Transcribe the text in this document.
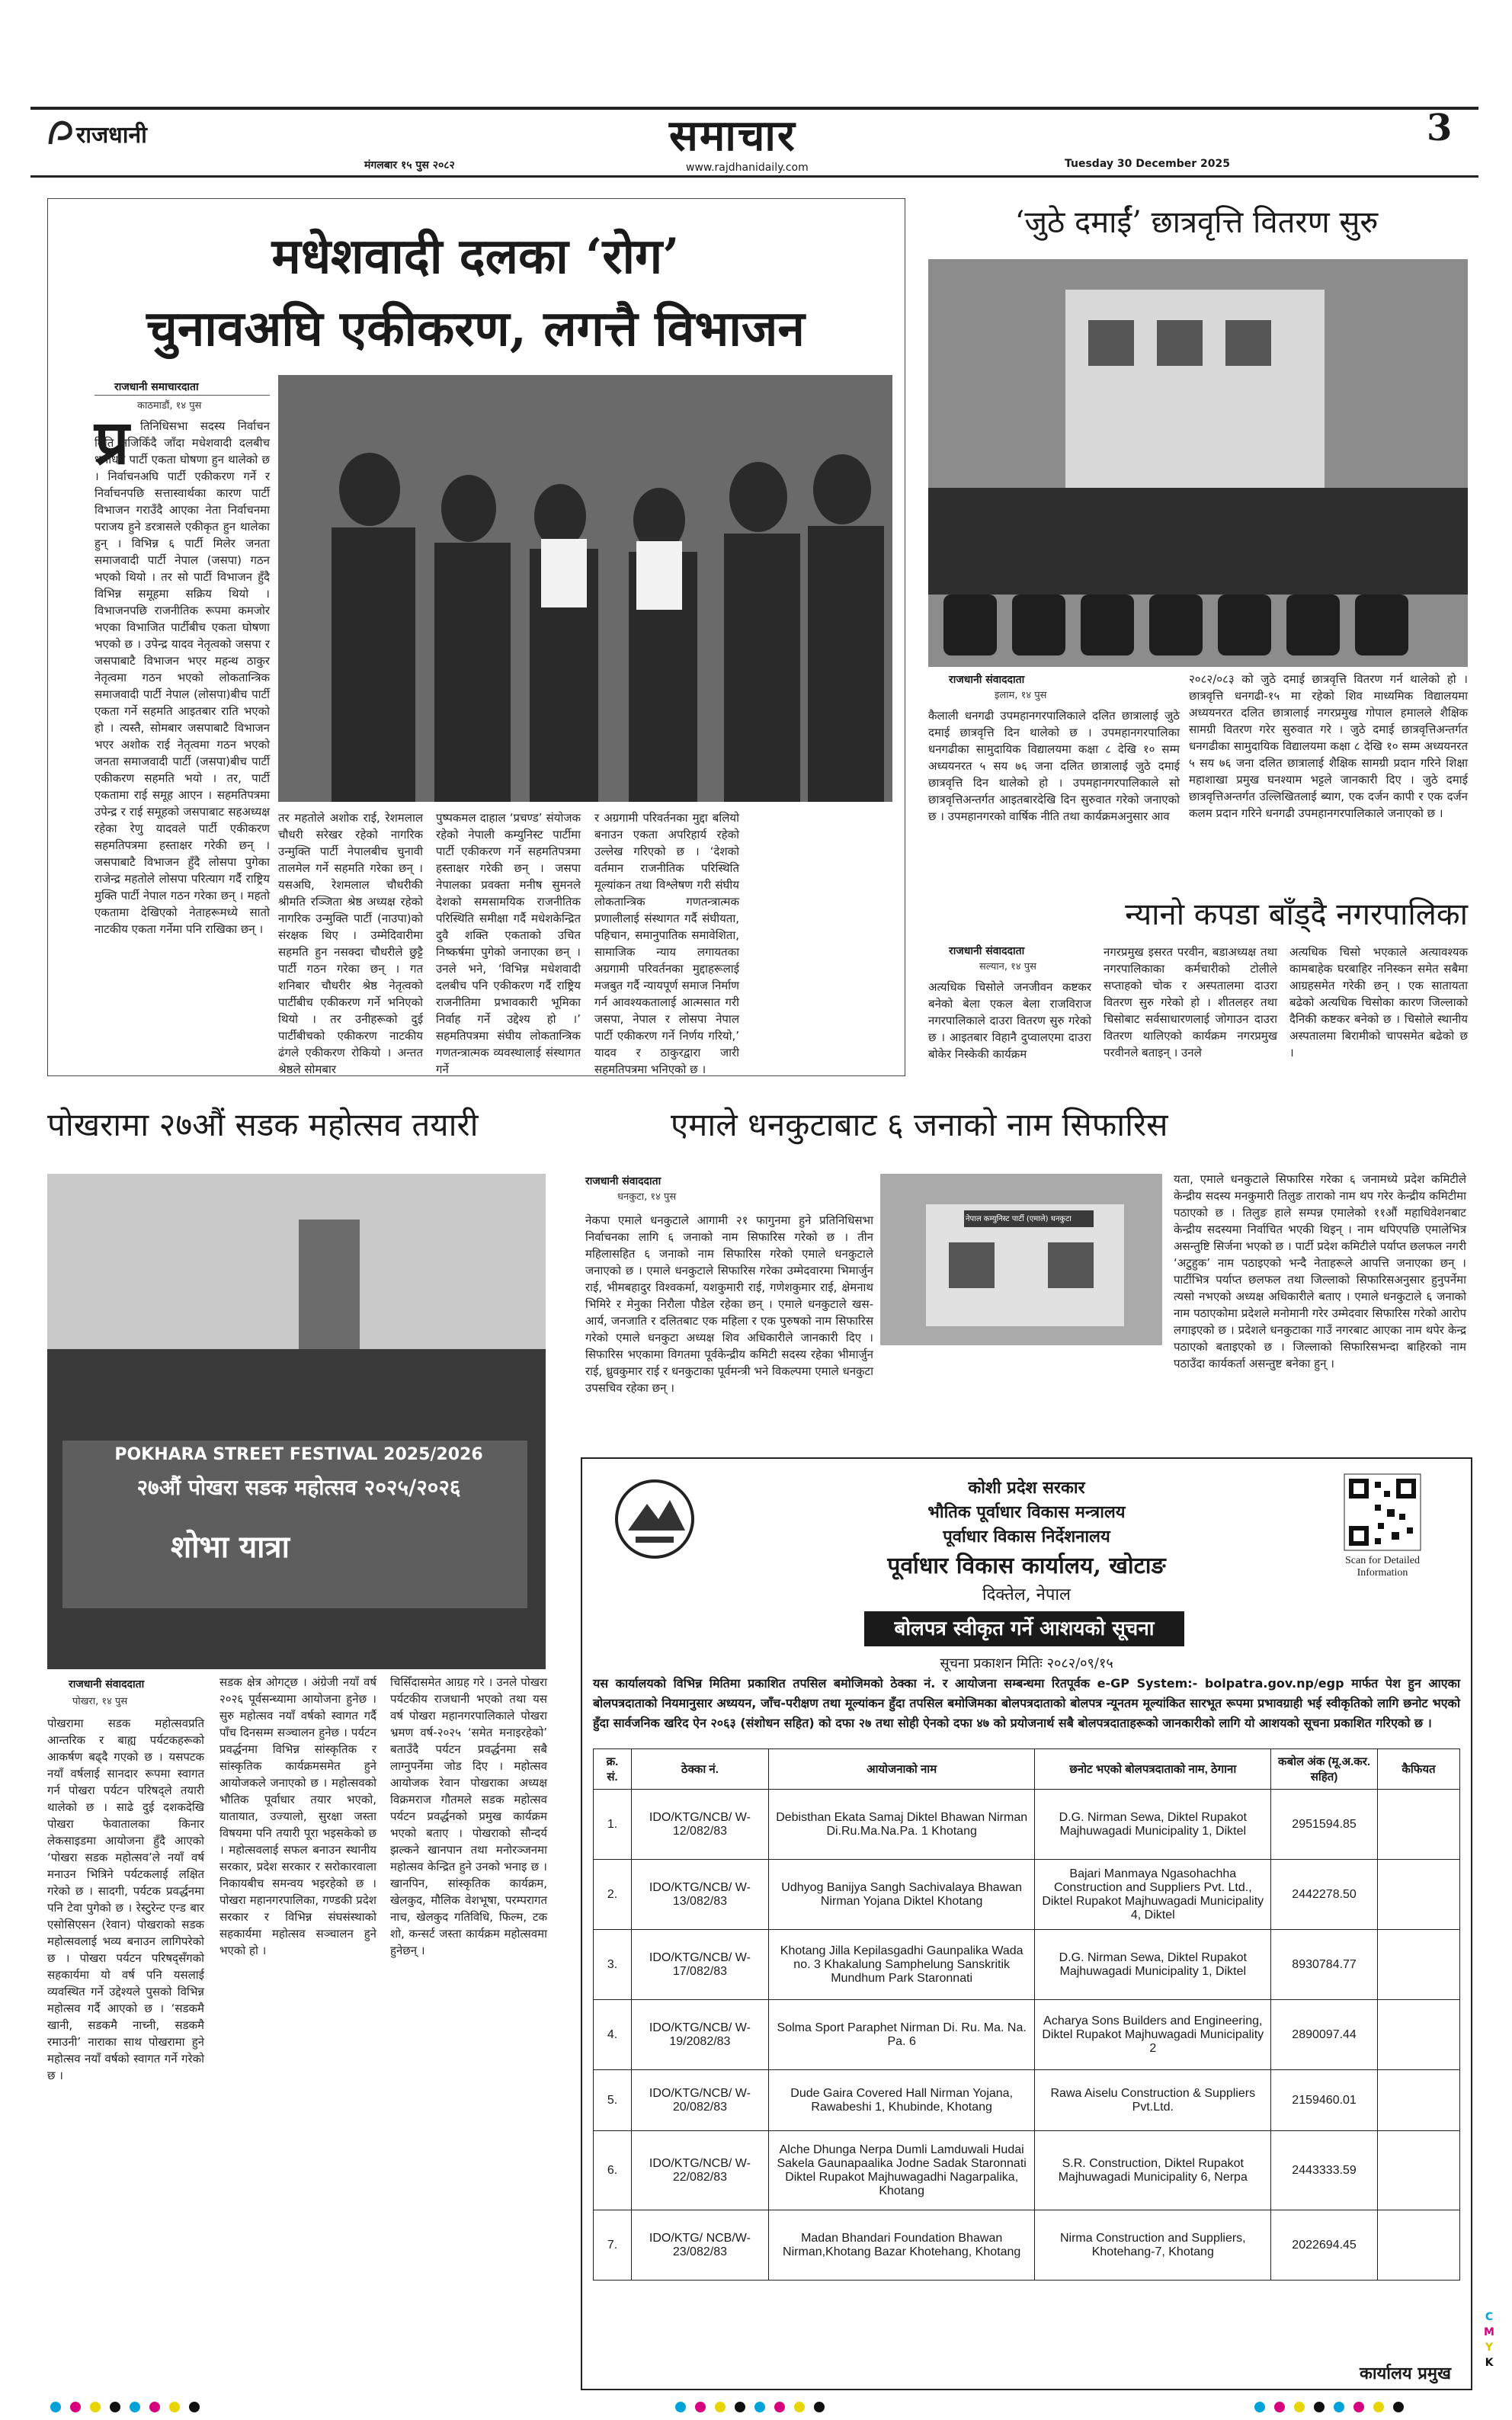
राजधानी
मंगलबार १५ पुस २०८२
समाचार
www.rajdhanidaily.com	Tuesday 30 December 2025
3
मधेशवादी दलका ‘रोग’
चुनावअघि एकीकरण, लगत्तै विभाजन
राजधानी समाचारदाता
काठमाडौं, १४ पुस
प्र तिनिधिसभा सदस्य निर्वाचन मिति नजिकिँदै जाँदा मधेशवादी दलबीच धमाधम पार्टी एकता घोषणा हुन थालेको छ । निर्वाचनअघि पार्टी एकीकरण गर्ने र निर्वाचनपछि सत्तास्वार्थका कारण पार्टी विभाजन गराउँदै आएका नेता निर्वाचनमा पराजय हुने डरत्रासले एकीकृत हुन थालेका हुन् । विभिन्न ६ पार्टी मिलेर जनता समाजवादी पार्टी नेपाल (जसपा) गठन भएको थियो । तर सो पार्टी विभाजन हुँदै विभिन्न समूहमा सक्रिय थियो । विभाजनपछि राजनीतिक रूपमा कमजोर भएका विभाजित पार्टीबीच एकता घोषणा भएको छ । उपेन्द्र यादव नेतृत्वको जसपा र जसपाबाटै विभाजन भएर महन्थ ठाकुर नेतृत्वमा गठन भएको लोकतान्त्रिक समाजवादी पार्टी नेपाल (लोसपा)बीच पार्टी एकता गर्ने सहमति आइतबार राति भएको हो । त्यस्तै, सोमबार जसपाबाटै विभाजन भएर अशोक राई नेतृत्वमा गठन भएको जनता समाजवादी पार्टी (जसपा)बीच पार्टी एकीकरण सहमति भयो । तर, पार्टी एकतामा राई समूह आएन । सहमतिपत्रमा उपेन्द्र र राई समूहको जसपाबाट सहअध्यक्ष रहेका रेणु यादवले पार्टी एकीकरण सहमतिपत्रमा हस्ताक्षर गरेकी छन् । जसपाबाटै विभाजन हुँदै लोसपा पुगेका राजेन्द्र महतोले लोसपा परित्याग गर्दै राष्ट्रिय मुक्ति पार्टी नेपाल गठन गरेका छन् । महतो एकतामा देखिएको नेताहरूमध्ये सातो नाटकीय एकता गर्नेमा पनि राखिका छन् ।
तर महतोले अशोक राई, रेशमलाल चौधरी सरेखर रहेको नागरिक उन्मुक्ति पार्टी नेपालबीच चुनावी तालमेल गर्ने सहमति गरेका छन् । यसअघि, रेशमलाल चौधरीकी श्रीमति रञ्जिता श्रेष्ठ अध्यक्ष रहेको नागरिक उन्मुक्ति पार्टी (नाउपा)को संरक्षक थिए । उम्मेदिवारीमा सहमति हुन नसक्दा चौधरीले छुट्टै पार्टी गठन गरेका छन् । गत शनिबार चौधरीर श्रेष्ठ नेतृत्वको पार्टीबीच एकीकरण गर्ने भनिएको थियो । तर उनीहरूको दुई पार्टीबीचको एकीकरण नाटकीय ढंगले एकीकरण रोकियो । अन्तत श्रेष्ठले सोमबार
पुष्पकमल दाहाल ‘प्रचण्ड’ संयोजक रहेको नेपाली कम्युनिस्ट पार्टीमा पार्टी एकीकरण गर्ने सहमतिपत्रमा हस्ताक्षर गरेकी छन् । जसपा नेपालका प्रवक्ता मनीष सुमनले देशको समसामयिक राजनीतिक परिस्थिति समीक्षा गर्दै मधेशकेन्द्रित दुवै शक्ति एकताको उचित निष्कर्षमा पुगेको जनाएका छन् । उनले भने, ‘विभिन्न मधेशवादी दलबीच पनि एकीकरण गर्दै राष्ट्रिय राजनीतिमा प्रभावकारी भूमिका निर्वाह गर्ने उद्देश्य हो ।’ सहमतिपत्रमा संघीय लोकतान्त्रिक गणतन्त्रात्मक व्यवस्थालाई संस्थागत गर्ने
र अग्रगामी परिवर्तनका मुद्दा बलियो बनाउन एकता अपरिहार्य रहेको उल्लेख गरिएको छ । ‘देशको वर्तमान राजनीतिक परिस्थिति मूल्यांकन तथा विश्लेषण गरी संघीय लोकतान्त्रिक गणतन्त्रात्मक प्रणालीलाई संस्थागत गर्दै संघीयता, पहिचान, समानुपातिक समावेशिता, सामाजिक न्याय लगायतका अग्रगामी परिवर्तनका मुद्दाहरूलाई मजबुत गर्दै न्यायपूर्ण समाज निर्माण गर्न आवश्यकतालाई आत्मसात गरी जसपा, नेपाल र लोसपा नेपाल पार्टी एकीकरण गर्ने निर्णय गरियो,’ यादव र ठाकुरद्वारा जारी सहमतिपत्रमा भनिएको छ ।
‘जुठे दमाईं’ छात्रवृत्ति वितरण सुरु
राजधानी संवाददाता
इलाम, १४ पुस
कैलाली धनगढी उपमहानगरपालिकाले दलित छात्रालाई जुठे दमाई छात्रवृत्ति दिन थालेको छ । उपमहानगरपालिका धनगढीका सामुदायिक विद्यालयमा कक्षा ८ देखि १० सम्म अध्ययनरत ५ सय ७६ जना दलित छात्रालाई जुठे दमाई छात्रवृत्ति दिन थालेको हो । उपमहानगरपालिकाले सो छात्रवृत्तिअन्तर्गत आइतबारदेखि दिन सुरुवात गरेको जनाएको छ । उपमहानगरको वार्षिक नीति तथा कार्यक्रमअनुसार आव
२०८२/०८३ को जुठे दमाई छात्रवृत्ति वितरण गर्न थालेको हो । छात्रवृत्ति धनगढी-१५ मा रहेको शिव माध्यमिक विद्यालयमा अध्ययनरत दलित छात्रालाई नगरप्रमुख गोपाल हमालले शैक्षिक सामग्री वितरण गरेर सुरुवात गरे । जुठे दमाई छात्रवृत्तिअन्तर्गत धनगढीका सामुदायिक विद्यालयमा कक्षा ८ देखि १० सम्म अध्ययनरत ५ सय ७६ जना दलित छात्रालाई शैक्षिक सामग्री प्रदान गरिने शिक्षा महाशाखा प्रमुख घनश्याम भट्टले जानकारी दिए । जुठे दमाई छात्रवृत्तिअन्तर्गत उल्लिखितलाई ब्याग, एक दर्जन कापी र एक दर्जन कलम प्रदान गरिने धनगढी उपमहानगरपालिकाले जनाएको छ ।
न्यानो कपडा बाँड्दै नगरपालिका
राजधानी संवाददाता
सल्यान, १४ पुस
अत्यधिक चिसोले जनजीवन कष्टकर बनेको बेला एकल बेला राजविराज नगरपालिकाले दाउरा वितरण सुरु गरेको छ । आइतबार विहानै दुप्वालएमा दाउरा बोकेर निस्केकी कार्यक्रम
नगरप्रमुख इसरत परवीन, बडाअध्यक्ष तथा नगरपालिकाका कर्मचारीको टोलीले सप्ताहको चोक र अस्पतालमा दाउरा वितरण सुरु गरेको हो । शीतलहर तथा चिसोबाट सर्वसाधारणलाई जोगाउन दाउरा वितरण थालिएको कार्यक्रम नगरप्रमुख परवीनले बताइन् । उनले
अत्यधिक चिसो भएकाले अत्यावश्यक कामबाहेक घरबाहिर ननिस्कन समेत सबैमा आग्रहसमेत गरेकी छन् । एक सातायता बढेको अत्यधिक चिसोका कारण जिल्लाको दैनिकी कष्टकर बनेको छ । चिसोले स्थानीय अस्पतालमा बिरामीको चापसमेत बढेको छ ।
पोखरामा २७औं सडक महोत्सव तयारी
POKHARA STREET FESTIVAL 2025/2026
२७औं पोखरा सडक महोत्सव २०२५/२०२६
शोभा यात्रा
राजधानी संवाददाता
पोखरा, १४ पुस
पोखरामा सडक महोत्सवप्रति आन्तरिक र बाह्य पर्यटकहरूको आकर्षण बढ्दै गएको छ । यसपटक नयाँ वर्षलाई सानदार रूपमा स्वागत गर्न पोखरा पर्यटन परिषद्ले तयारी थालेको छ । साढे दुई दशकदेखि पोखरा फेवातालका किनार लेकसाइडमा आयोजना हुँदै आएको ‘पोखरा सडक महोत्सव’ले नयाँ वर्ष मनाउन भित्रिने पर्यटकलाई लक्षित गरेको छ । सादगी, पर्यटक प्रवर्द्धनमा पनि टेवा पुगेको छ । रेस्टुरेन्ट एन्ड बार एसोसिएसन (रेवान) पोखराको सडक महोत्सवलाई भव्य बनाउन लागिपरेको छ । पोखरा पर्यटन परिषद्सँगको सहकार्यमा यो वर्ष पनि यसलाई व्यवस्थित गर्ने उद्देश्यले पुसको विभिन्न महोत्सव गर्दै आएको छ । ‘सडकमै खानी, सडकमै नाच्नी, सडकमै रमाउनी’ नाराका साथ पोखरामा हुने महोत्सव नयाँ वर्षको स्वागत गर्ने गरेको छ ।
सडक क्षेत्र ओगट्छ । अंग्रेजी नयाँ वर्ष २०२६ पूर्वसन्ध्यामा आयोजना हुनेछ । सुरु महोत्सव नयाँ वर्षको स्वागत गर्दै पाँच दिनसम्म सञ्चालन हुनेछ । पर्यटन प्रवर्द्धनमा विभिन्न सांस्कृतिक र सांस्कृतिक कार्यक्रमसमेत हुने आयोजकले जनाएको छ । महोत्सवको भौतिक पूर्वाधार तयार भएको, यातायात, उज्यालो, सुरक्षा जस्ता विषयमा पनि तयारी पूरा भइसकेको छ । महोत्सवलाई सफल बनाउन स्थानीय सरकार, प्रदेश सरकार र सरोकारवाला निकायबीच समन्वय भइरहेको छ । पोखरा महानगरपालिका, गण्डकी प्रदेश सरकार र विभिन्न संघसंस्थाको सहकार्यमा महोत्सव सञ्चालन हुने भएको हो ।
चिसिँदासमेत आग्रह गरे । उनले पोखरा पर्यटकीय राजधानी भएको तथा यस वर्ष पोखरा महानगरपालिकाले पोखरा भ्रमण वर्ष-२०२५ ‘समेत मनाइरहेको’ बताउँदै पर्यटन प्रवर्द्धनमा सबै लाग्नुपर्नेमा जोड दिए । महोत्सव आयोजक रेवान पोखराका अध्यक्ष विक्रमराज गौतमले सडक महोत्सव पर्यटन प्रवर्द्धनको प्रमुख कार्यक्रम भएको बताए । पोखराको सौन्दर्य झल्कने खानपान तथा मनोरञ्जनमा महोत्सव केन्द्रित हुने उनको भनाइ छ । खानपिन, सांस्कृतिक कार्यक्रम, खेलकुद, मौलिक वेशभूषा, परम्परागत नाच, खेलकुद गतिविधि, फिल्म, टक शो, कन्सर्ट जस्ता कार्यक्रम महोत्सवमा हुनेछन् ।
एमाले धनकुटाबाट ६ जनाको नाम सिफारिस
राजधानी संवाददाता
धनकुटा, १४ पुस
नेपाल कम्युनिस्ट पार्टी (एमाले) धनकुटा
नेकपा एमाले धनकुटाले आगामी २१ फागुनमा हुने प्रतिनिधिसभा निर्वाचनका लागि ६ जनाको नाम सिफारिस गरेको छ । तीन महिलासहित ६ जनाको नाम सिफारिस गरेको एमाले धनकुटाले जनाएको छ । एमाले धनकुटाले सिफारिस गरेका उम्मेदवारमा भिमार्जुन राई, भीमबहादुर विश्वकर्मा, यशकुमारी राई, गणेशकुमार राई, क्षेमनाथ भिमिरे र मेनुका निरौला पौडेल रहेका छन् । एमाले धनकुटाले खस-आर्य, जनजाति र दलितबाट एक महिला र एक पुरुषको नाम सिफारिस गरेको एमाले धनकुटा अध्यक्ष शिव अधिकारीले जानकारी दिए । सिफारिस भएकामा विगतमा पूर्वकेन्द्रीय कमिटी सदस्य रहेका भीमार्जुन राई, ध्रुवकुमार राई र धनकुटाका पूर्वमन्त्री भने विकल्पमा एमाले धनकुटा उपसचिव रहेका छन् ।
यता, एमाले धनकुटाले सिफारिस गरेका ६ जनामध्ये प्रदेश कमिटीले केन्द्रीय सदस्य मनकुमारी तिलुङ ताराको नाम थप गरेर केन्द्रीय कमिटीमा पठाएको छ । तिलुङ हाले सम्पन्न एमालेको ११औं महाधिवेशनबाट केन्द्रीय सदस्यमा निर्वाचित भएकी थिइन् । नाम थपिएपछि एमालेभित्र असन्तुष्टि सिर्जना भएको छ । पार्टी प्रदेश कमिटीले पर्याप्त छलफल नगरी ‘अटुहुक’ नाम पठाइएको भन्दै नेताहरूले आपत्ति जनाएका छन् । पार्टीभित्र पर्याप्त छलफल तथा जिल्लाको सिफारिसअनुसार हुनुपर्नेमा त्यसो नभएको अध्यक्ष अधिकारीले बताए । एमाले धनकुटाले ६ जनाको नाम पठाएकोमा प्रदेशले मनोमानी गरेर उम्मेदवार सिफारिस गरेको आरोप लगाइएको छ । प्रदेशले धनकुटाका गाउँ नगरबाट आएका नाम थपेर केन्द्र पठाएको बताइएको छ । जिल्लाको सिफारिसभन्दा बाहिरको नाम पठाउँदा कार्यकर्ता असन्तुष्ट बनेका हुन् ।
कोशी प्रदेश सरकार
भौतिक पूर्वाधार विकास मन्त्रालय
पूर्वाधार विकास निर्देशनालय
पूर्वाधार विकास कार्यालय, खोटाङ
दिक्तेल, नेपाल
Scan for Detailed Information
बोलपत्र स्वीकृत गर्ने आशयको सूचना
सूचना प्रकाशन मितिः २०८२/०९/१५
यस कार्यालयको विभिन्न मितिमा प्रकाशित तपसिल बमोजिमको ठेक्का नं. र आयोजना सम्बन्धमा रितपूर्वक e-GP System:- bolpatra.gov.np/egp मार्फत पेश हुन आएका बोलपत्रदाताको नियमानुसार अध्ययन, जाँच-परीक्षण तथा मूल्यांकन हुँदा तपसिल बमोजिमका बोलपत्रदाताको बोलपत्र न्यूनतम मूल्यांकित सारभूत रूपमा प्रभावग्राही भई स्वीकृतिको लागि छनोट भएको हुँदा सार्वजनिक खरिद ऐन २०६३ (संशोधन सहित) को दफा २७ तथा सोही ऐनको दफा ४७ को प्रयोजनार्थ सबै बोलपत्रदाताहरूको जानकारीको लागि यो आशयको सूचना प्रकाशित गरिएको छ ।
क्र. सं.	ठेक्का नं.	आयोजनाको नाम	छनोट भएको बोलपत्रदाताको नाम, ठेगाना	कबोल अंक (मू.अ.कर. सहित)	कैफियत
1.	IDO/KTG/NCB/ W-12/082/83	Debisthan Ekata Samaj Diktel Bhawan Nirman Di.Ru.Ma.Na.Pa. 1 Khotang	D.G. Nirman Sewa, Diktel Rupakot Majhuwagadi Municipality 1, Diktel	2951594.85	
2.	IDO/KTG/NCB/ W-13/082/83	Udhyog Banijya Sangh Sachivalaya Bhawan Nirman Yojana Diktel Khotang	Bajari Manmaya Ngasohachha Construction and Suppliers Pvt. Ltd., Diktel Rupakot Majhuwagadi Municipality 4, Diktel	2442278.50	
3.	IDO/KTG/NCB/ W-17/082/83	Khotang Jilla Kepilasgadhi Gaunpalika Wada no. 3 Khakalung Samphelung Sanskritik Mundhum Park Staronnati	D.G. Nirman Sewa, Diktel Rupakot Majhuwagadi Municipality 1, Diktel	8930784.77	
4.	IDO/KTG/NCB/ W-19/2082/83	Solma Sport Paraphet Nirman Di. Ru. Ma. Na. Pa. 6	Acharya Sons Builders and Engineering, Diktel Rupakot Majhuwagadi Municipality 2	2890097.44	
5.	IDO/KTG/NCB/ W-20/082/83	Dude Gaira Covered Hall Nirman Yojana, Rawabeshi 1, Khubinde, Khotang	Rawa Aiselu Construction & Suppliers Pvt.Ltd.	2159460.01	
6.	IDO/KTG/NCB/ W-22/082/83	Alche Dhunga Nerpa Dumli Lamduwali Hudai Sakela Gaunapaalika Jodne Sadak Staronnati Diktel Rupakot Majhuwagadhi Nagarpalika, Khotang	S.R. Construction, Diktel Rupakot Majhuwagadi Municipality 6, Nerpa	2443333.59	
7.	IDO/KTG/ NCB/W-23/082/83	Madan Bhandari Foundation Bhawan Nirman,Khotang Bazar Khotehang, Khotang	Nirma Construction and Suppliers, Khotehang-7, Khotang	2022694.45	
कार्यालय प्रमुख
C
M
Y
K
